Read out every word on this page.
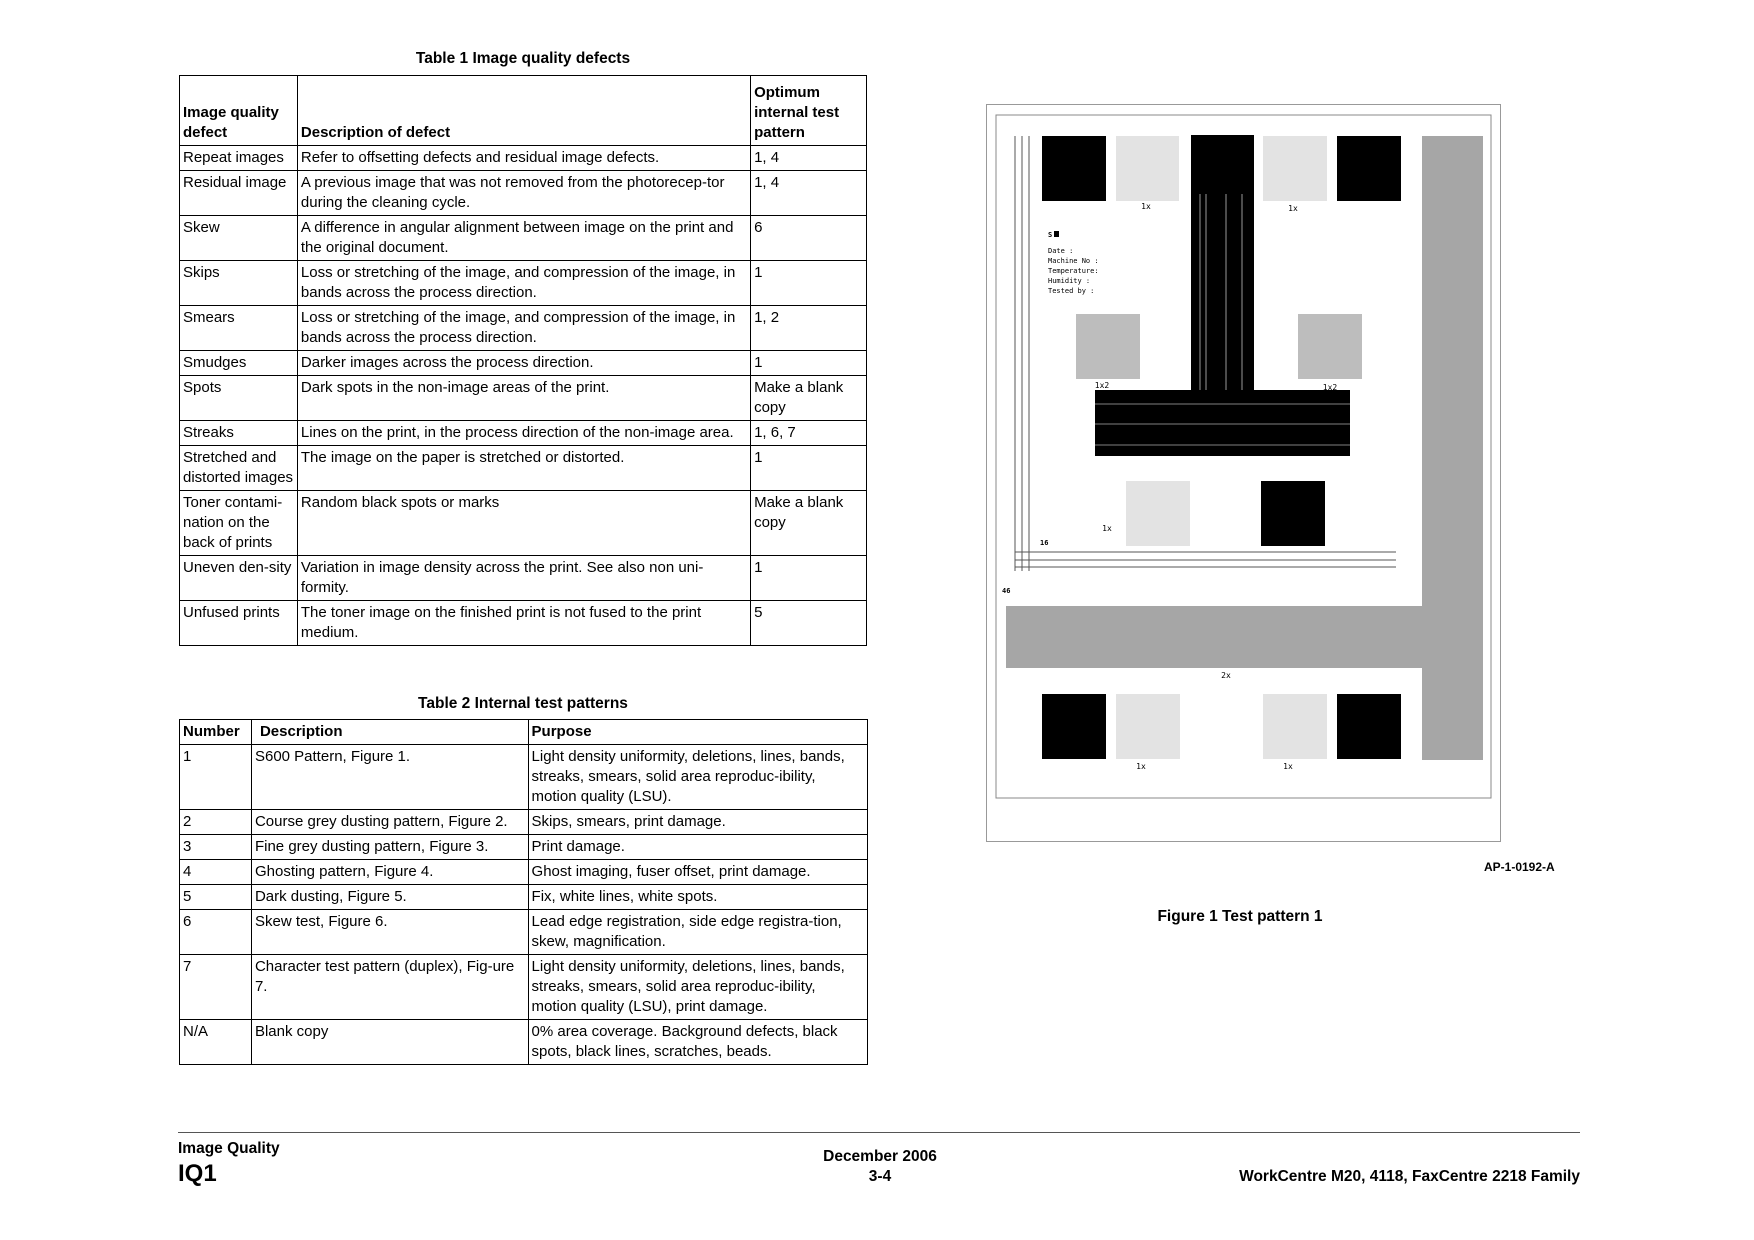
Table 1 Image quality defects
Image quality defect	Description of defect	Optimum internal test pattern
Repeat images	Refer to offsetting defects and residual image defects.	1, 4
Residual image	A previous image that was not removed from the photorecep-tor during the cleaning cycle.	1, 4
Skew	A difference in angular alignment between image on the print and the original document.	6
Skips	Loss or stretching of the image, and compression of the image, in bands across the process direction.	1
Smears	Loss or stretching of the image, and compression of the image, in bands across the process direction.	1, 2
Smudges	Darker images across the process direction.	1
Spots	Dark spots in the non-image areas of the print.	Make a blank copy
Streaks	Lines on the print, in the process direction of the non-image area.	1, 6, 7
Stretched and distorted images	The image on the paper is stretched or distorted.	1
Toner contami-nation on the back of prints	Random black spots or marks	Make a blank copy
Uneven den-sity	Variation in image density across the print. See also non uni-formity.	1
Unfused prints	The toner image on the finished print is not fused to the print medium.	5
Table 2 Internal test patterns
Number	Description	Purpose
1	S600 Pattern, Figure 1.	Light density uniformity, deletions, lines, bands, streaks, smears, solid area reproduc-ibility, motion quality (LSU).
2	Course grey dusting pattern, Figure 2.	Skips, smears, print damage.
3	Fine grey dusting pattern, Figure 3.	Print damage.
4	Ghosting pattern, Figure 4.	Ghost imaging, fuser offset, print damage.
5	Dark dusting, Figure 5.	Fix, white lines, white spots.
6	Skew test, Figure 6.	Lead edge registration, side edge registra-tion, skew, magnification.
7	Character test pattern (duplex), Fig-ure 7.	Light density uniformity, deletions, lines, bands, streaks, smears, solid area reproduc-ibility, motion quality (LSU), print damage.
N/A	Blank copy	0% area coverage. Background defects, black spots, black lines, scratches, beads.
1x	1x
S
Date :
Machine No :
Temperature:
Humidity :
Tested by :
1x2	1x2
1x
16
46
2x
1x	1x
AP-1-0192-A
Figure 1 Test pattern 1
Image Quality
IQ1
December 2006
3-4	WorkCentre M20, 4118, FaxCentre 2218 Family
